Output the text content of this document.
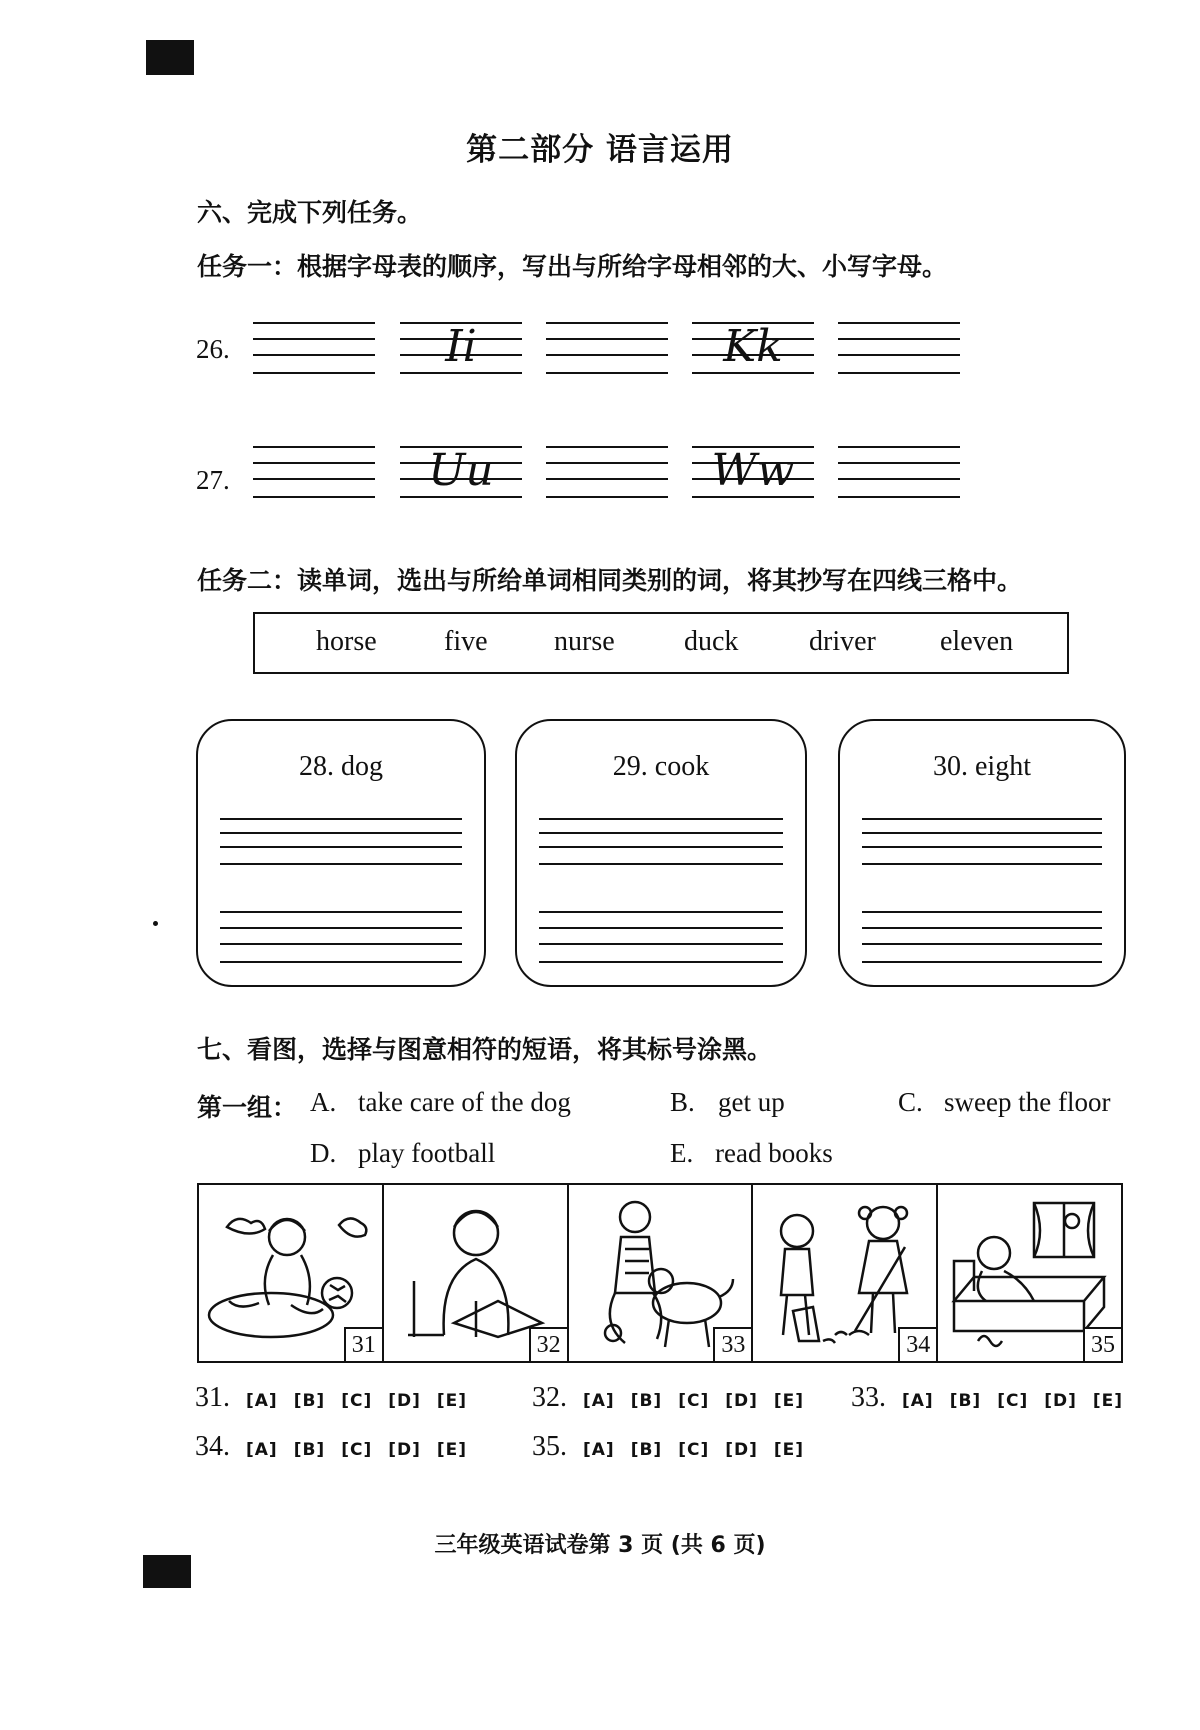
第二部分 语言运用
六、完成下列任务。
任务一：根据字母表的顺序，写出与所给字母相邻的大、小写字母。
26.
27.
Ii	Kk
Uu	Ww
任务二：读单词，选出与所给单词相同类别的词，将其抄写在四线三格中。
horse five nurse duck	driver eleven
28. dog	29. cook	30. eight
七、看图，选择与图意相符的短语，将其标号涂黑。
第一组： A. take care of the dog	B. get up	C. sweep the floor
D. play football	E. read books
31	32	33	34	35
31. [A] [B] [C] [D] [E] 32. [A] [B] [C] [D] [E] 33. [A] [B] [C] [D] [E]
34. [A] [B] [C] [D] [E] 35. [A] [B] [C] [D] [E]
三年级英语试卷第 3 页 (共 6 页)
